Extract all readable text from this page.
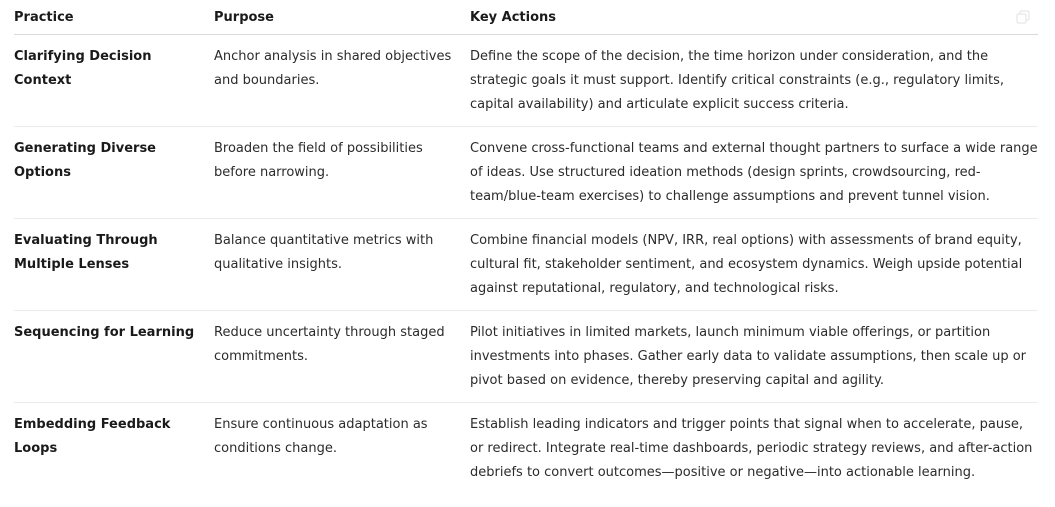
Practice	Purpose	Key Actions
Clarifying Decision Context	Anchor analysis in shared objectives and boundaries.	Define the scope of the decision, the time horizon under consideration, and the strategic goals it must support. Identify critical constraints (e.g., regulatory limits, capital availability) and articulate explicit success criteria.
Generating Diverse Options	Broaden the field of possibilities before narrowing.	Convene cross-functional teams and external thought partners to surface a wide range of ideas. Use structured ideation methods (design sprints, crowdsourcing, red-team/blue-team exercises) to challenge assumptions and prevent tunnel vision.
Evaluating Through Multiple Lenses	Balance quantitative metrics with qualitative insights.	Combine financial models (NPV, IRR, real options) with assessments of brand equity, cultural fit, stakeholder sentiment, and ecosystem dynamics. Weigh upside potential against reputational, regulatory, and technological risks.
Sequencing for Learning	Reduce uncertainty through staged commitments.	Pilot initiatives in limited markets, launch minimum viable offerings, or partition investments into phases. Gather early data to validate assumptions, then scale up or pivot based on evidence, thereby preserving capital and agility.
Embedding Feedback Loops	Ensure continuous adaptation as conditions change.	Establish leading indicators and trigger points that signal when to accelerate, pause, or redirect. Integrate real-time dashboards, periodic strategy reviews, and after-action debriefs to convert outcomes—positive or negative—into actionable learning.
